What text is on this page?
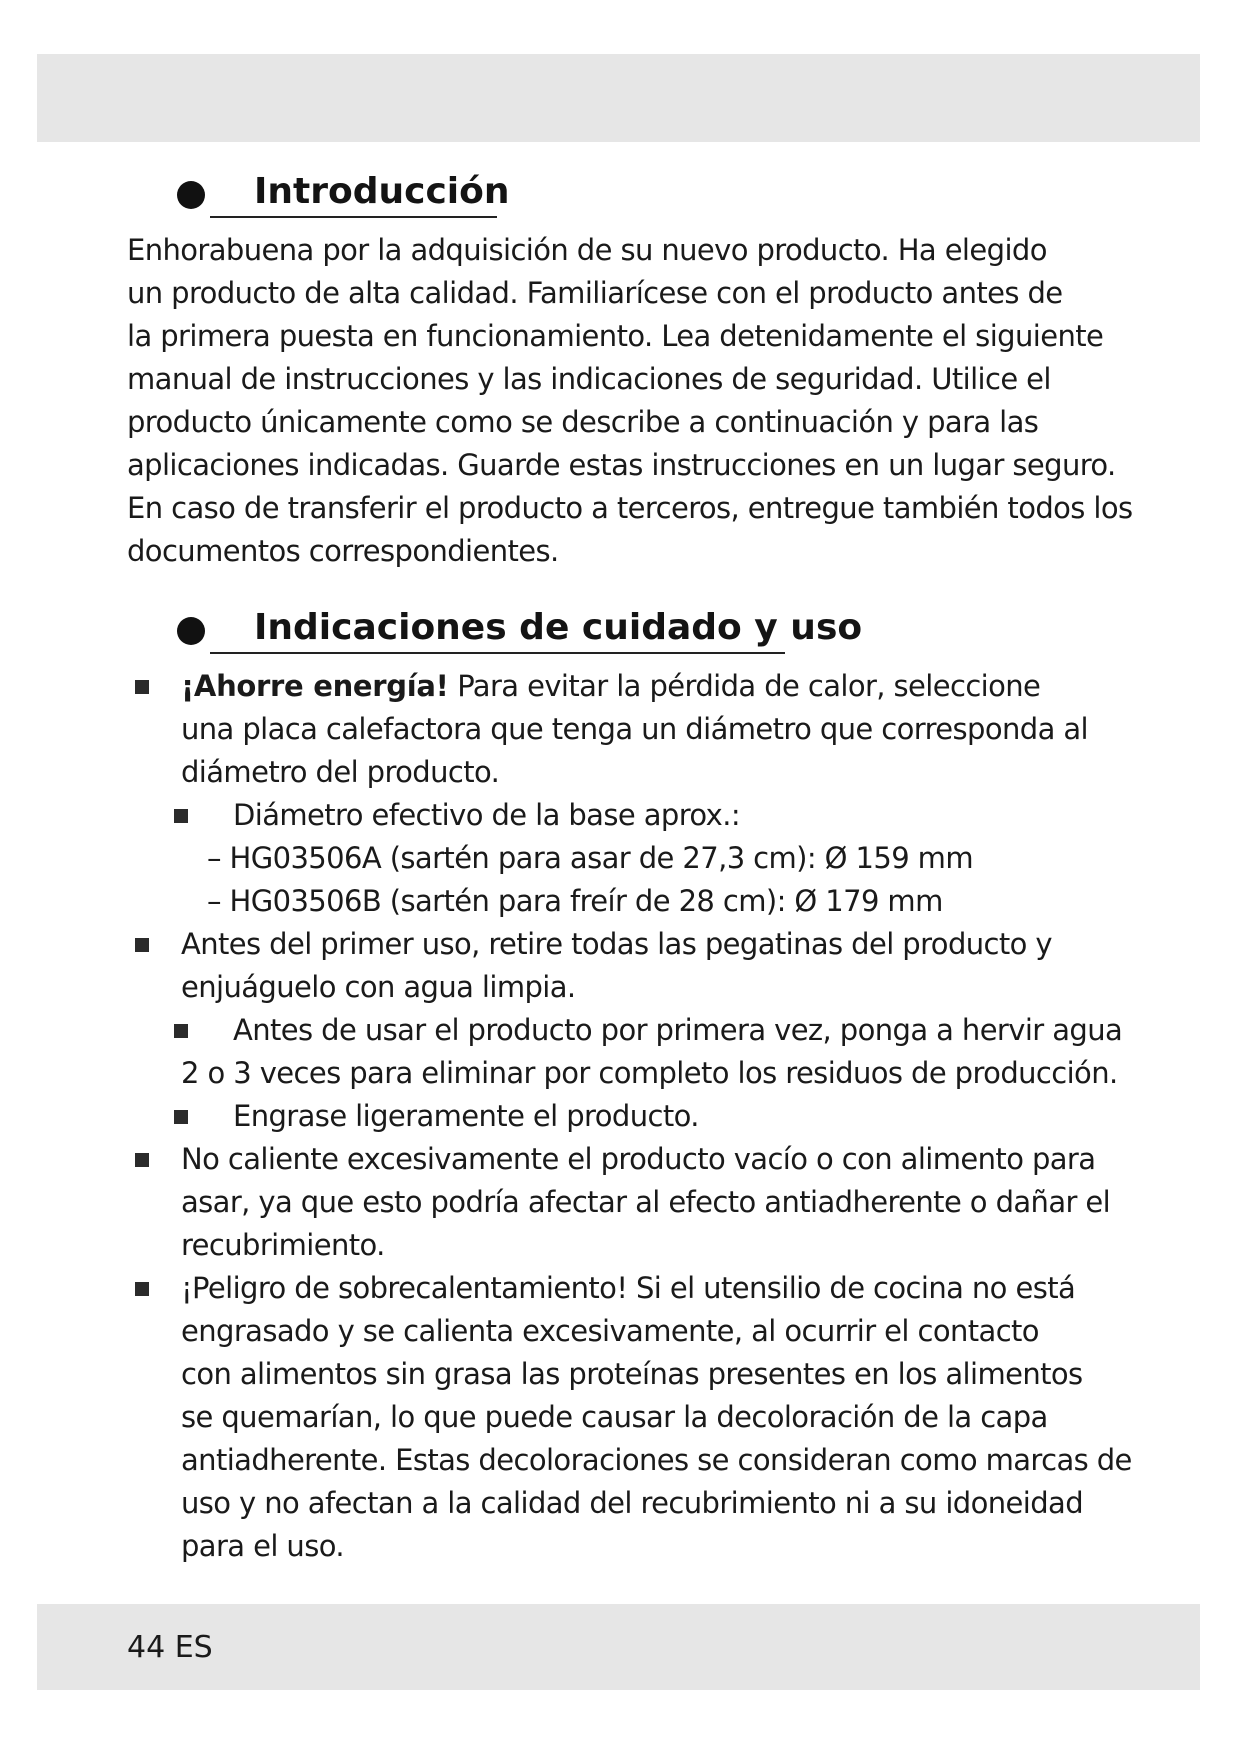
Introducción
Enhorabuena por la adquisición de su nuevo producto. Ha elegido
un producto de alta calidad. Familiarícese con el producto antes de
la primera puesta en funcionamiento. Lea detenidamente el siguiente
manual de instrucciones y las indicaciones de seguridad. Utilice el
producto únicamente como se describe a continuación y para las
aplicaciones indicadas. Guarde estas instrucciones en un lugar seguro.
En caso de transferir el producto a terceros, entregue también todos los
documentos correspondientes.
Indicaciones de cuidado y uso
¡Ahorre energía! Para evitar la pérdida de calor, seleccione
una placa calefactora que tenga un diámetro que corresponda al
diámetro del producto.
Diámetro efectivo de la base aprox.:
– HG03506A (sartén para asar de 27,3 cm): Ø 159 mm
– HG03506B (sartén para freír de 28 cm): Ø 179 mm
Antes del primer uso, retire todas las pegatinas del producto y
enjuáguelo con agua limpia.
Antes de usar el producto por primera vez, ponga a hervir agua
2 o 3 veces para eliminar por completo los residuos de producción.
Engrase ligeramente el producto.
No caliente excesivamente el producto vacío o con alimento para
asar, ya que esto podría afectar al efecto antiadherente o dañar el
recubrimiento.
¡Peligro de sobrecalentamiento! Si el utensilio de cocina no está
engrasado y se calienta excesivamente, al ocurrir el contacto
con alimentos sin grasa las proteínas presentes en los alimentos
se quemarían, lo que puede causar la decoloración de la capa
antiadherente. Estas decoloraciones se consideran como marcas de
uso y no afectan a la calidad del recubrimiento ni a su idoneidad
para el uso.
44 ES
